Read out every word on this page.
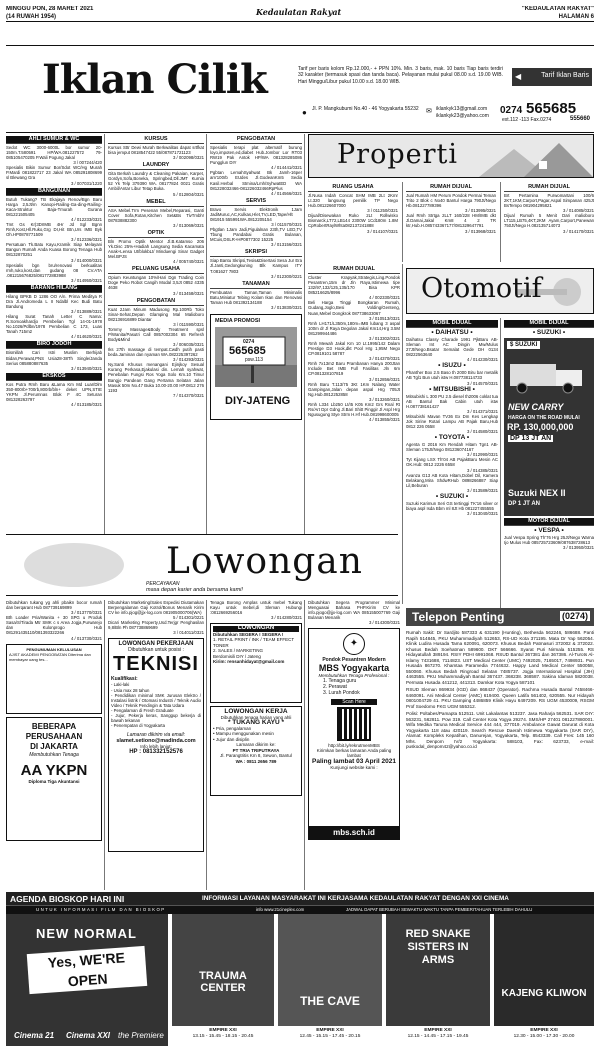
MINGGU PON, 28 MARET 2021
(14 RUWAH 1954)	Kedaulatan Rakyat	"KEDAULATAN RAKYAT"
HALAMAN 6
Iklan Cilik	Tarif per baris kolom Rp.12.000,- + PPN 10%. Min. 3 baris, mak. 10 baris Tiap baris terdiri 32 karakter (termasuk spasi dan tanda baca). Pelayanan mulai pukul 08.00 s.d. 19.00 WIB. Hari Minggu/Libur pukul 10.00 s.d. 18.00 WIB.
◀	Tarif Iklan Baris
● Jl. P. Mangkubumi No.40 - 46 Yogyakarta 55232	✉ iklankyk13@gmail.com
iklankyk23@yahoo.com 0274 565685
ext.112 -113 Fax.0274	555660
AHLI SUMUR & WC
Sedot WC 3000-6000L bor sumur 20-150m.T.580591 HP/WA.081227572 79-085105470205 P.Wali Pogung Jakal
3 / 007244/420
Spesialis Bikin Sumur Bor/Sdot WC/Hg Murah P.Mardi 081822717 23 Jakal WA 085291808699 sl Blewang Gra
3 / 007031/1220
BANGUNAN
Butuh Tukang? TB Ekajaya Renov/Bgn Baru Harga 2,5Jt/m Kanopi-Railing-Ga-ding-Railing-Kaca-Struktur Baja-Tmurah Gurana 081221505405
4 / 012233/0321
Tmt Gs Kr)3DrIMB 4Hr Jd Sgl Bgnn Rmh,Kost,Hll.Ruko,Grg DI,Hit Btn,Urs IMB Byk Oh.HP0878771509
3 / 012336/0321
Persatuan Tk.Batu Kayu,Kramik Siap Melayani Bangun Rumah Anda Kuasa Borong Tenaga Hub 08132870251
3 / 014000/0321
Spesialis bgn bru/renovasi berkualitas rmh,ruko,kost,dan gudang 08 CV.ATA .081215676825/081772883988
3 / 014950/0321
BARANG HILANG
Hilang BPKB D 1286 OO A/n. Prima Meditya R Dra Jl.Andromeda L II Ndalbl Kec Budi Batu Bandung
3 / 013889/0321
Hilang Surat Tanah Letter C Nama: R.Somoakhardjo Pembelian Tgl 14-01-1978 No.1026/Pdlbn/1978 Pembelian C 173, Luas Tanah 715m2
4 / 014620/0321
BIRO JODOH
Bismillah Cari Istri Muslim Berhijab Bidan,Perawat,PNS Usia28-38Th Single/Janda Serius 085880887635
3 / 013940/0321
EKSKOS
Kos Putra Rmh Baru &Lama Km Md Luar/Dlm 350-800rb+700rb,800rb/bln+ deket UPN,STIE YKPN Jl.Perumnas Blok F 4C Seturan 081328263797
4 / 013185/0321
KURSUS
Kursus Sttr Dewi Murah Berkwalitas dapat srtfkat bisa jemput 0818547422 55/087871721123
3 / 002098/0321
LAUNDRY
Gita Berkah Laundry & Cleaning Pakaian, Karpet, Gordyn,Sofa,Boneka, Springbed,Dll.JMT Kurnia 52 Yk Telp 379390 WA. 08177824 0021 Gratis Ambil/Antar Libur Tetap Buka.
5 / 012804/0321
MEBEL
ASA Mebel.Trm Pesenan Mebel,Reparasi, Ganti Cover Sofa,Rotan,Kitchen Set&Bs TivTmbh! 087838882300
3 / 013069/0321
OPTIK
Bln Promo Optik Mentor Jl.B.Katamso 206 Yk.Disc 25%+Hadiah Langsung Sedia Kacamata Anak+Lensa Ut/blokbLt/ Minduengi Sinar Gadget Mel.BPJS
4 / 005740/0321
PELUANG USAHA
Opium Keuntungan 10%/Hari Dgn Trading Coin Doge Peko Robot Cangih Modal 3,5Jt 0852 4335 4638
3 / 013458/0321
PENGOBATAN
Kuat 2Jam Minum Madusong Rp.100Rb Toko Sinar-Sehat,Depan Glamping Mal Malioboro 082136916899 Diantar
3 / 011590/0321
Tommy Massage&Body Treatment spsl P/Wanita/Pasutri Call 0857002304 65 Refresh Body&Mind
3 / 006035/0321
Iks 27th massage di tempat.Cwdh putih pasti beda.Jaminan dan nyaman WA.082225397262
3 / 014293/0321
Ny.Santi Khusus menangani Ejinjkoy Sesual Kurang Perkasa,Ejakulasi din. Lemah syahwat, Penebalan Fungsi Ros Yoga Solo Km.10 Timur Bangjo Pandean Gang Pertama Selatan Jalan Masuk 50m No.47 Buka 10.00-20.00 HP.0812 276 1193
7 / 014370/0321
PENGOBATAN
Spesialis terapi plat alternatif burung loyo,impoten,ed,diabet Hub.Jombor Lor RT03 RW19 Pak Antok HP/WA 081328285086 Pungglun DIY
4 / 014441/0321
Pgbtan LemahSyahwat Bk Jamh-16per am'100rb EUdes Jl.GodeanKm5 Sedia Kasil.Herbal Stmina/Lmh/SyhwatED WA 081228032466-081226032466RpPlus
4 / 014566/0321
SERVIS
Bravo Servis Elektronik 1Jam JadiMuruc,AC,Kulkas,Hlet,TV,LED,Tape/Hlt 081915 555991WA.0812205154
3 / 011570/0321
Pbgtlan 1Jam Jadi,Pigulalnan 23th,TV LED,TV Tbung Pandabai Gratis Bulanan, MCuis,DSLR+HP0877302 15225
3 / 013156/0321
SKRIPSI
Siap Bantu Skripsi,Tesis&Disertasi Sesa Jur Era Jl.Janti,Gedongkuning Blk Kampus ITY T.081627 7803
3 / 012300/0221
TANAMAN
Pembuatan Taman,Taman Minimalis Batu,Miniatur Tebing Kolam Ikan dan Renovasi Taman Hub 081392134188
3 / 013830/0321
MEDIA PROMOSI
0274
565685
psw.113
DIY-JATENG
Properti
RUANG USAHA
Jl.Nusa Indah Concat SHM IMB 2Lt 2Kmr Lt.320 langsung pemilik TP Nego Hub.081226607000
3 / 011250/0321
Dijual/Disewakan Ruko 2Lt Rollwisko Bismarck,LT72,LB144 2300W 1Cd180m 1.8M CpRobertRaylWhta082137241888
3 / 014107/0321
RUMAH DIJUAL
Jual Rumah HM Perum Pondok Permai Teman Trito 2 Blok c No40 Bantul Harga 790Jt/Nego Hb.081227789396
3 / 013995/0321
Jual Rmh Strtga 2LLT 160/228 HM/IMB dkt Jl.Damai,Jakal Km8 4 2 TR ktr,Hub.H.085743367177/081329647791
3 / 013968/0321
RUMAH DIJUAL
Brt Pertamina Purwomartani 100/6 2KT,1KM,Carport,Pagar,Aspal Simpanan 425Jt BsTempo 081904295821
3 / 014085/0321
Dijual Rumah 5 Menit Dari malioboro LT115,LB75,4KT,2KM Ayam,Carport,Panewan 750Jt/Nego H.082135714073
3 / 014170/0321
RUMAH DIJUAL
Cluster Krapyak,Strategis,Ling.Pondok Pesantren,15m dr Jln Raya,Istimewa tipe 132/97,132/125,135/170 Bisa KPR 085216625/8996
4 / 002330/0321
Beli Harga Tinggi Bongkaran Rumah, Gudang,Joglo,Besi Volding/Genteng, Nuan,Mebel Dongkrok 087738633067
3 / 010513/0321
Rmh LH171/L350m,180m=IMB lubang 3 aspal 100m dr Jl Raya Degolan Jakal Km14,Hrg 3.5M 081299944486
3 / 013302/0321
Rmh Mewah Jakal Km 10 Lt.1995/142 Dalam Prestige D3 Hook,dkt Pool Hrg 1,95M Nego CP.0819101 58787
3 / 014370/0321
Rmh 7x13m2 Baru Prambanan Hanya 200Jtan Include Bet IMB Full Fasilitas Jln 6m CP.081328107819
3 / 012856/0321
Rmh Baru T.113/75 3Kt 1Km Nalang Water Gampingan,Jalan depan aspal Hrg 705Jt Ng.Hub.0812252858
3 / 013260/0321
Rmh L334 Lb250 Lt/I5 K05 Km2 Grs Rnal Rt Rs/Art Dpr Gdng Jl.Bari Shitt Pinggir Jl Aspl Hrg Ngusugung Stye Strm H.Hf Hub.081998600005
4 / 013855/0321
Otomotif
MOBIL DIJUAL
• DAIHATSU •
Daihatsu Classy Charade 1991 PjkBaru AB-Sleman Int AC Dingin Mw/Mulus 27Jt/Nego.Bsatar Semalat Gede DH 0134 08222563640
4 / 014230/0321
• ISUZU •
Phanther Box 2.5 Baso th 2000 Biru bar metalik AB Tgl1 Bun utuh istw H.087738114733
3 / 014570/0321
• MITSUBISHI •
Mitsubishi L 300 PU 2.5 diesel th2006 coklat tua AB Bantul Bak Cabin utuh istw H.087738161427
3 / 014371/0321
Mitsubishi Mavan TV36 Ex Dm Kes Lengkap Jok Sirine Rotari Lampu AB Pajak Baru,Hub 0812 226 0558
3 / 014580/0321
• TOYOTA •
Agenta G 2016 Km Rendah Hitam Tgn1 AB-Sleman 175Jt/Nego 081236074167
3 / 012990/0321
Tyt Kijang LSX Th'04 AB PajakBaru Mesin AC OK.Hub: 0812 2226 6558
3 / 014385/0321
Avanza G13 AB Kota Hitam,Dobel Dil, Kamera Belakang,Mira ShdwRHub 0898266887 Siap Lil,Beburan
3 / 013589/0321
• SUZUKI •
Suzuki Karimun Seri GS tertinggi TK'16 silver or biaya aspl Isda Bbm ml 8Jt Hb 081227455555
3 / 013040/0321
MOBIL DIJUAL
• SUZUKI •
$ SUZUKI
NEW CARRY
HARGA ON THE ROAD MULAI
RP. 130,000,000
DP 13 JT AN
Suzuki NEX II
DP 1 JT AN
MOTOR DIJUAL
• VESPA •
Jual Vespa Spring Th'76 Hrg 25Jt/Nego Warna Ijo Mulus Hub 085725723609/087638728613
3 / 013950/0321
Lowongan
PERCAYAKAN
masa depan karier anda bersama kami!
Dibutuhkan tukang yg ahli pbaikn bocor rumah dan berqarant Hub 087739169899
3 / 013770/0321
Bth Loader Pria/Wanita + 30 SPG u Produk Sasa/S/Tirada Mtr SMK c s Area Jogja,Purwarejo dan Kulonprogo Hub 081291435110/081393322266
4 / 013730/0321
PENGUMUMAN KELULUSAN
AJIST AKADEMI PENGOBATAN Diterima dan membayar uang tes...
BEBERAPA
PERUSAHAAN
DI JAKARTA
Membutuhkan Tenaga
AA YKPN
Diploma Tiga Akuntansi
Dibutuhkan Marketing/Sales Espedisi Diutamakan Berpengalaman Gaji Kotrol/Bonus Menarik Kirim CV ke info.pjog@jjx-log.com 081905000706(WA)
5 / 014301/0221
Dicari Marketing Property,Usd.Terjgr Penghasilan 9,8/Bln Ph 087738869699
3 / 014011/0321
LOWONGAN PEKERJAAN
Dibutuhkan untuk posisi :
TEKNISI
Kualifikasi:
- Laki-laki
- Usia max 28 tahun
- Pendidikan minimal SMK Jurusan Elektro / Instalasi listrik / Otomasi Industri / Teknik Audio Video / Teknik Pendingin & Tata Udara
- Pengalaman di Fresh Graduate
- Jujur, Pekerja keras, Sanggup bekerja di bawah tekanan
- Penempatan di Yogyakarta
Lamaran dikirim via email:
slamet.setiono@madinda.com
Info lebih lanjut:
HP : 081332152576
Tenaga Borong Amplas untuk mebel Tukang Kayu untuk mebel,di Sleman Hubungi :0812669256016
3 / 014280/0321
LOWONGAN
Dibutuhkan SEGERA ! SEGERA !
1. RETAIL PRINT / INK / TEAM EFFECT TONER
2. SALES / MARKETING
Berdomisili DIY / Jateng
Kirim: rensanhidayat@gmail.com
LOWONGAN KERJA
Dibutuhkan tenaga harian yang ahli
* TUKANG KAYU *
• Pria, pengalaman
• Mampu menggunakan mesin
• Jujur dan disiplin
Lamaran dikirim ke:
PT TRIA TRIPUTRAYA
Jl. Parangtritis Km 8, Sewon, Bantul
WA : 0811 2656 789
Dibutuhkan Segera Programmer Minimal Menguasai Bahasa PHP.Kirim CV ke info.pjogo@jjx-log.com WA 085155007769 Gaji Bulanan Menarik
3 / 014300/0321
✦
Pondok Pesantren Modern
MBS Yogyakarta
Membutuhkan Tenaga Profesional :
1. Tenaga guru
2. Perawat
3. Lurah Pondok
Scan Here
http://bit.ly/rekrutmenMBS
Kirimkan berkas lamaran Anda paling lambat
Paling lambat 03 April 2021
Kunjungi website kami :
mbs.sch.id
Telepon Penting	(0274)
Rumah Sakit: Dr Sardjito 587333 & 631190 (Hunting), Bethesda 562246, 586688. Panti Rapih 514845, PKU Muhammadiyah 512653, RS-UD Kota 371195. Mata Dr Yap 562054. Klinik Ludira Husada Tama 620091, 620073. Khusus Bedah Patmasuri 372002 & 372022. Khusus Bedah Soehatman 589600. DKT 566666. Syarat Puri Nirmala 515255. RS Hidayatullah 389194. RSIY PDHI 6991068. RSUD Bantul 367381 dan 367386. Al-Turots Al-Islamy 7431688, 7114823. UST Medical Center (UMC) 7492025, 7165017, 7498931. Pun Husada 867270. Khamtaa Paramedia 7744632. Happy Land Medical Center 550058, 550060. Khusus Bedah Ringroad Selatan 7485737. Jogja International Hospital (JIH) 4463555. PKU Muhammadiyah Bantul 367437. 368238. 368587. Sakina Idaman 5820038. Permata Husada 441212, 441313. Damkar Kota Yogya 587101
RSUD Sleman 869934 (IGD) dan 868437 (Operator). Rachma Husada Bantul 7458466-6460091. Ani Medical Center (AMC) 619400. Queen Latifa 561402, 620555. Nur Hidayah 0801004729 41. PKU Gamping 4486859 Klinik Hayu 6497209. RS UGM 4530009, RSGM Prof Soedomo FKG UGM 555312.
Polisi: Poltabes/Pamapta 512511. Unit Lakalantas 513237. Jasa Raharja 562531. SAR DIY: 563231, 562811. Pow 319. Call Center Kota Yogya 29274. SMS/HP 27401 081227880001. Wifa Medika Taruna Medical Service 444 444, 377019. Ambulance Gawat Darurat di Kota Yogyakarta 118 atau 420119. Search Rescue Daerah Istimewa Yogyakarta (SAR DIY), Alamat: Kompleks Kepatihan, Danurejan, Yogyakarta, Telp. 8543339. Call Fres: 145 160 Mhs. Denpom IV/2 Yogyakarta: 588103, Fax: 623733, e-mail: puskodal_denpom42@yahoo.co.id
AGENDA BIOSKOP HARI INI	INFORMASI LAYANAN MASYARAKAT INI KERJASAMA KEDAULATAN RAKYAT DENGAN XXI CINEMA
UNTUK INFORMASI FILM DAN BIOSKOP	info www.21cineplex.com	JADWAL DAPAT BERUBAH SEWAKTU-WAKTU TANPA PEMBERITAHUAN TERLEBIH DAHULU
NEW NORMAL
Yes, WE'RE OPEN
Cinema 21 Cinema XXI the Premiere
TRAUMA CENTER
THE CAVE
RED SNAKE SISTERS IN ARMS
KAJENG KLIWON
EMPIRE XXI
13.15 - 15.45 - 18.15 - 20.45
EMPIRE XXI
12.45 - 15.15 - 17.45 - 20.15
EMPIRE XXI
12.15 - 14.45 - 17.15 - 19.45
EMPIRE XXI
12.30 - 15.00 - 17.30 - 20.00
